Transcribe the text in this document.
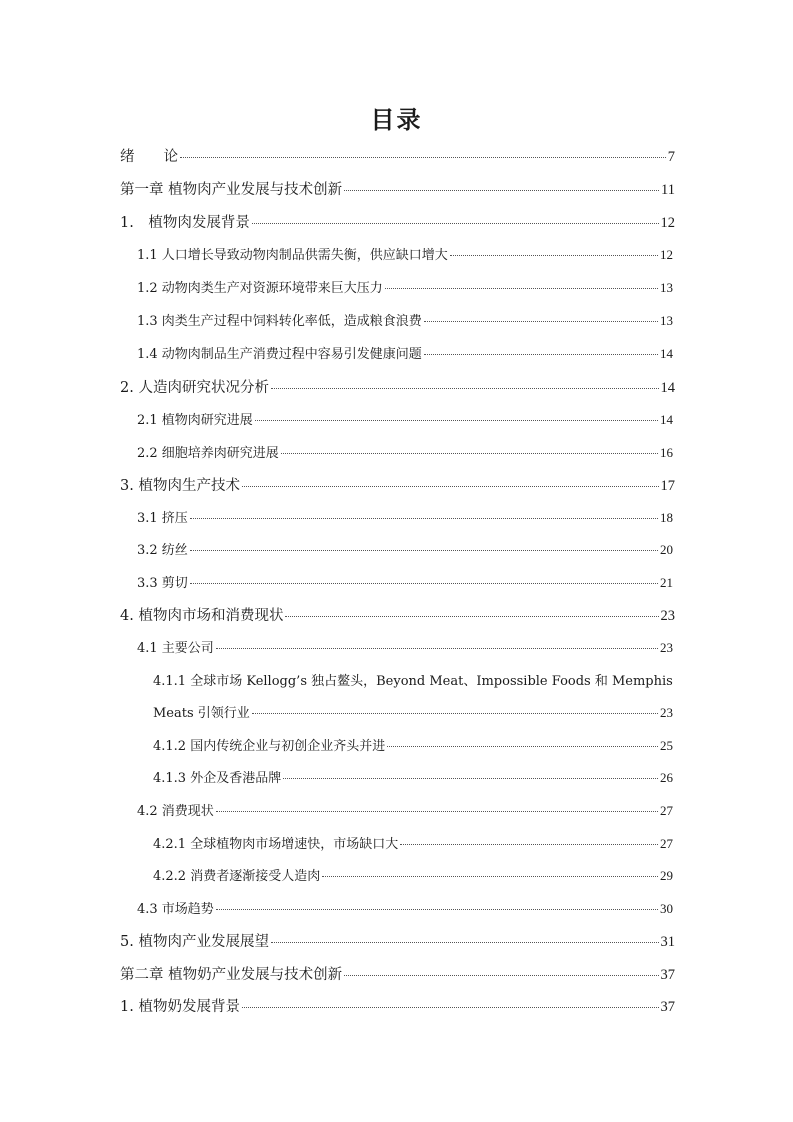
目录
绪　　论	7
第一章 植物肉产业发展与技术创新	11
1.　植物肉发展背景	12
1.1 人口增长导致动物肉制品供需失衡，供应缺口增大	12
1.2 动物肉类生产对资源环境带来巨大压力	13
1.3 肉类生产过程中饲料转化率低，造成粮食浪费	13
1.4 动物肉制品生产消费过程中容易引发健康问题	14
2. 人造肉研究状况分析	14
2.1 植物肉研究进展	14
2.2 细胞培养肉研究进展	16
3. 植物肉生产技术	17
3.1 挤压	18
3.2 纺丝	20
3.3 剪切	21
4. 植物肉市场和消费现状	23
4.1 主要公司	23
4.1.1 全球市场 Kellogg’s 独占鳌头，Beyond Meat、Impossible Foods 和 Memphis
Meats 引领行业	23
4.1.2 国内传统企业与初创企业齐头并进	25
4.1.3 外企及香港品牌	26
4.2 消费现状	27
4.2.1 全球植物肉市场增速快，市场缺口大	27
4.2.2 消费者逐渐接受人造肉	29
4.3 市场趋势	30
5. 植物肉产业发展展望	31
第二章 植物奶产业发展与技术创新	37
1. 植物奶发展背景	37
